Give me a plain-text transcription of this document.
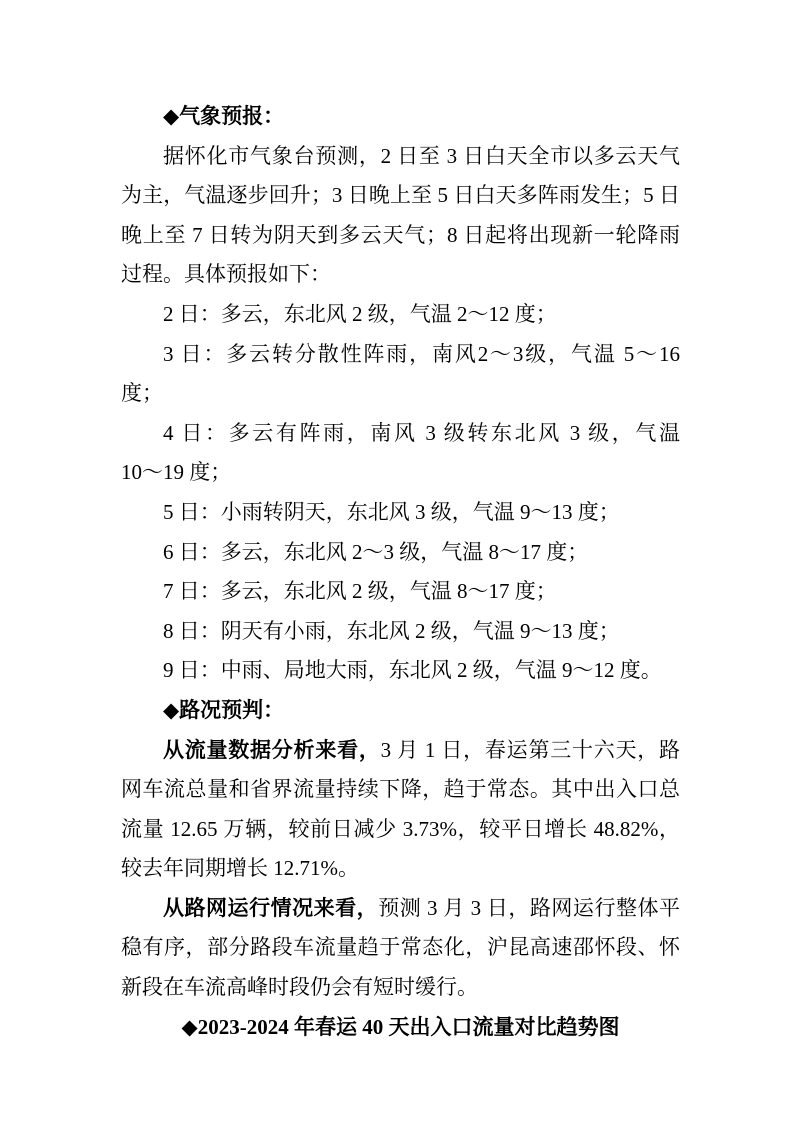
◆气象预报：

据怀化市气象台预测，2 日至 3 日白天全市以多云天气为主，气温逐步回升；3 日晚上至 5 日白天多阵雨发生；5 日晚上至 7 日转为阴天到多云天气；8 日起将出现新一轮降雨过程。具体预报如下：

2 日：多云，东北风 2 级，气温 2～12 度；

3 日：多云转分散性阵雨，南风2～3级，气温 5～16 度；

4 日：多云有阵雨，南风 3 级转东北风 3 级，气温 10～19 度；

5 日：小雨转阴天，东北风 3 级，气温 9～13 度；

6 日：多云，东北风 2～3 级，气温 8～17 度；

7 日：多云，东北风 2 级，气温 8～17 度；

8 日：阴天有小雨，东北风 2 级，气温 9～13 度；

9 日：中雨、局地大雨，东北风 2 级，气温 9～12 度。

◆路况预判：

从流量数据分析来看，3 月 1 日，春运第三十六天，路网车流总量和省界流量持续下降，趋于常态。其中出入口总流量 12.65 万辆，较前日减少 3.73%，较平日增长 48.82%，较去年同期增长 12.71%。

从路网运行情况来看，预测 3 月 3 日，路网运行整体平稳有序，部分路段车流量趋于常态化，沪昆高速邵怀段、怀新段在车流高峰时段仍会有短时缓行。

◆2023-2024 年春运 40 天出入口流量对比趋势图
